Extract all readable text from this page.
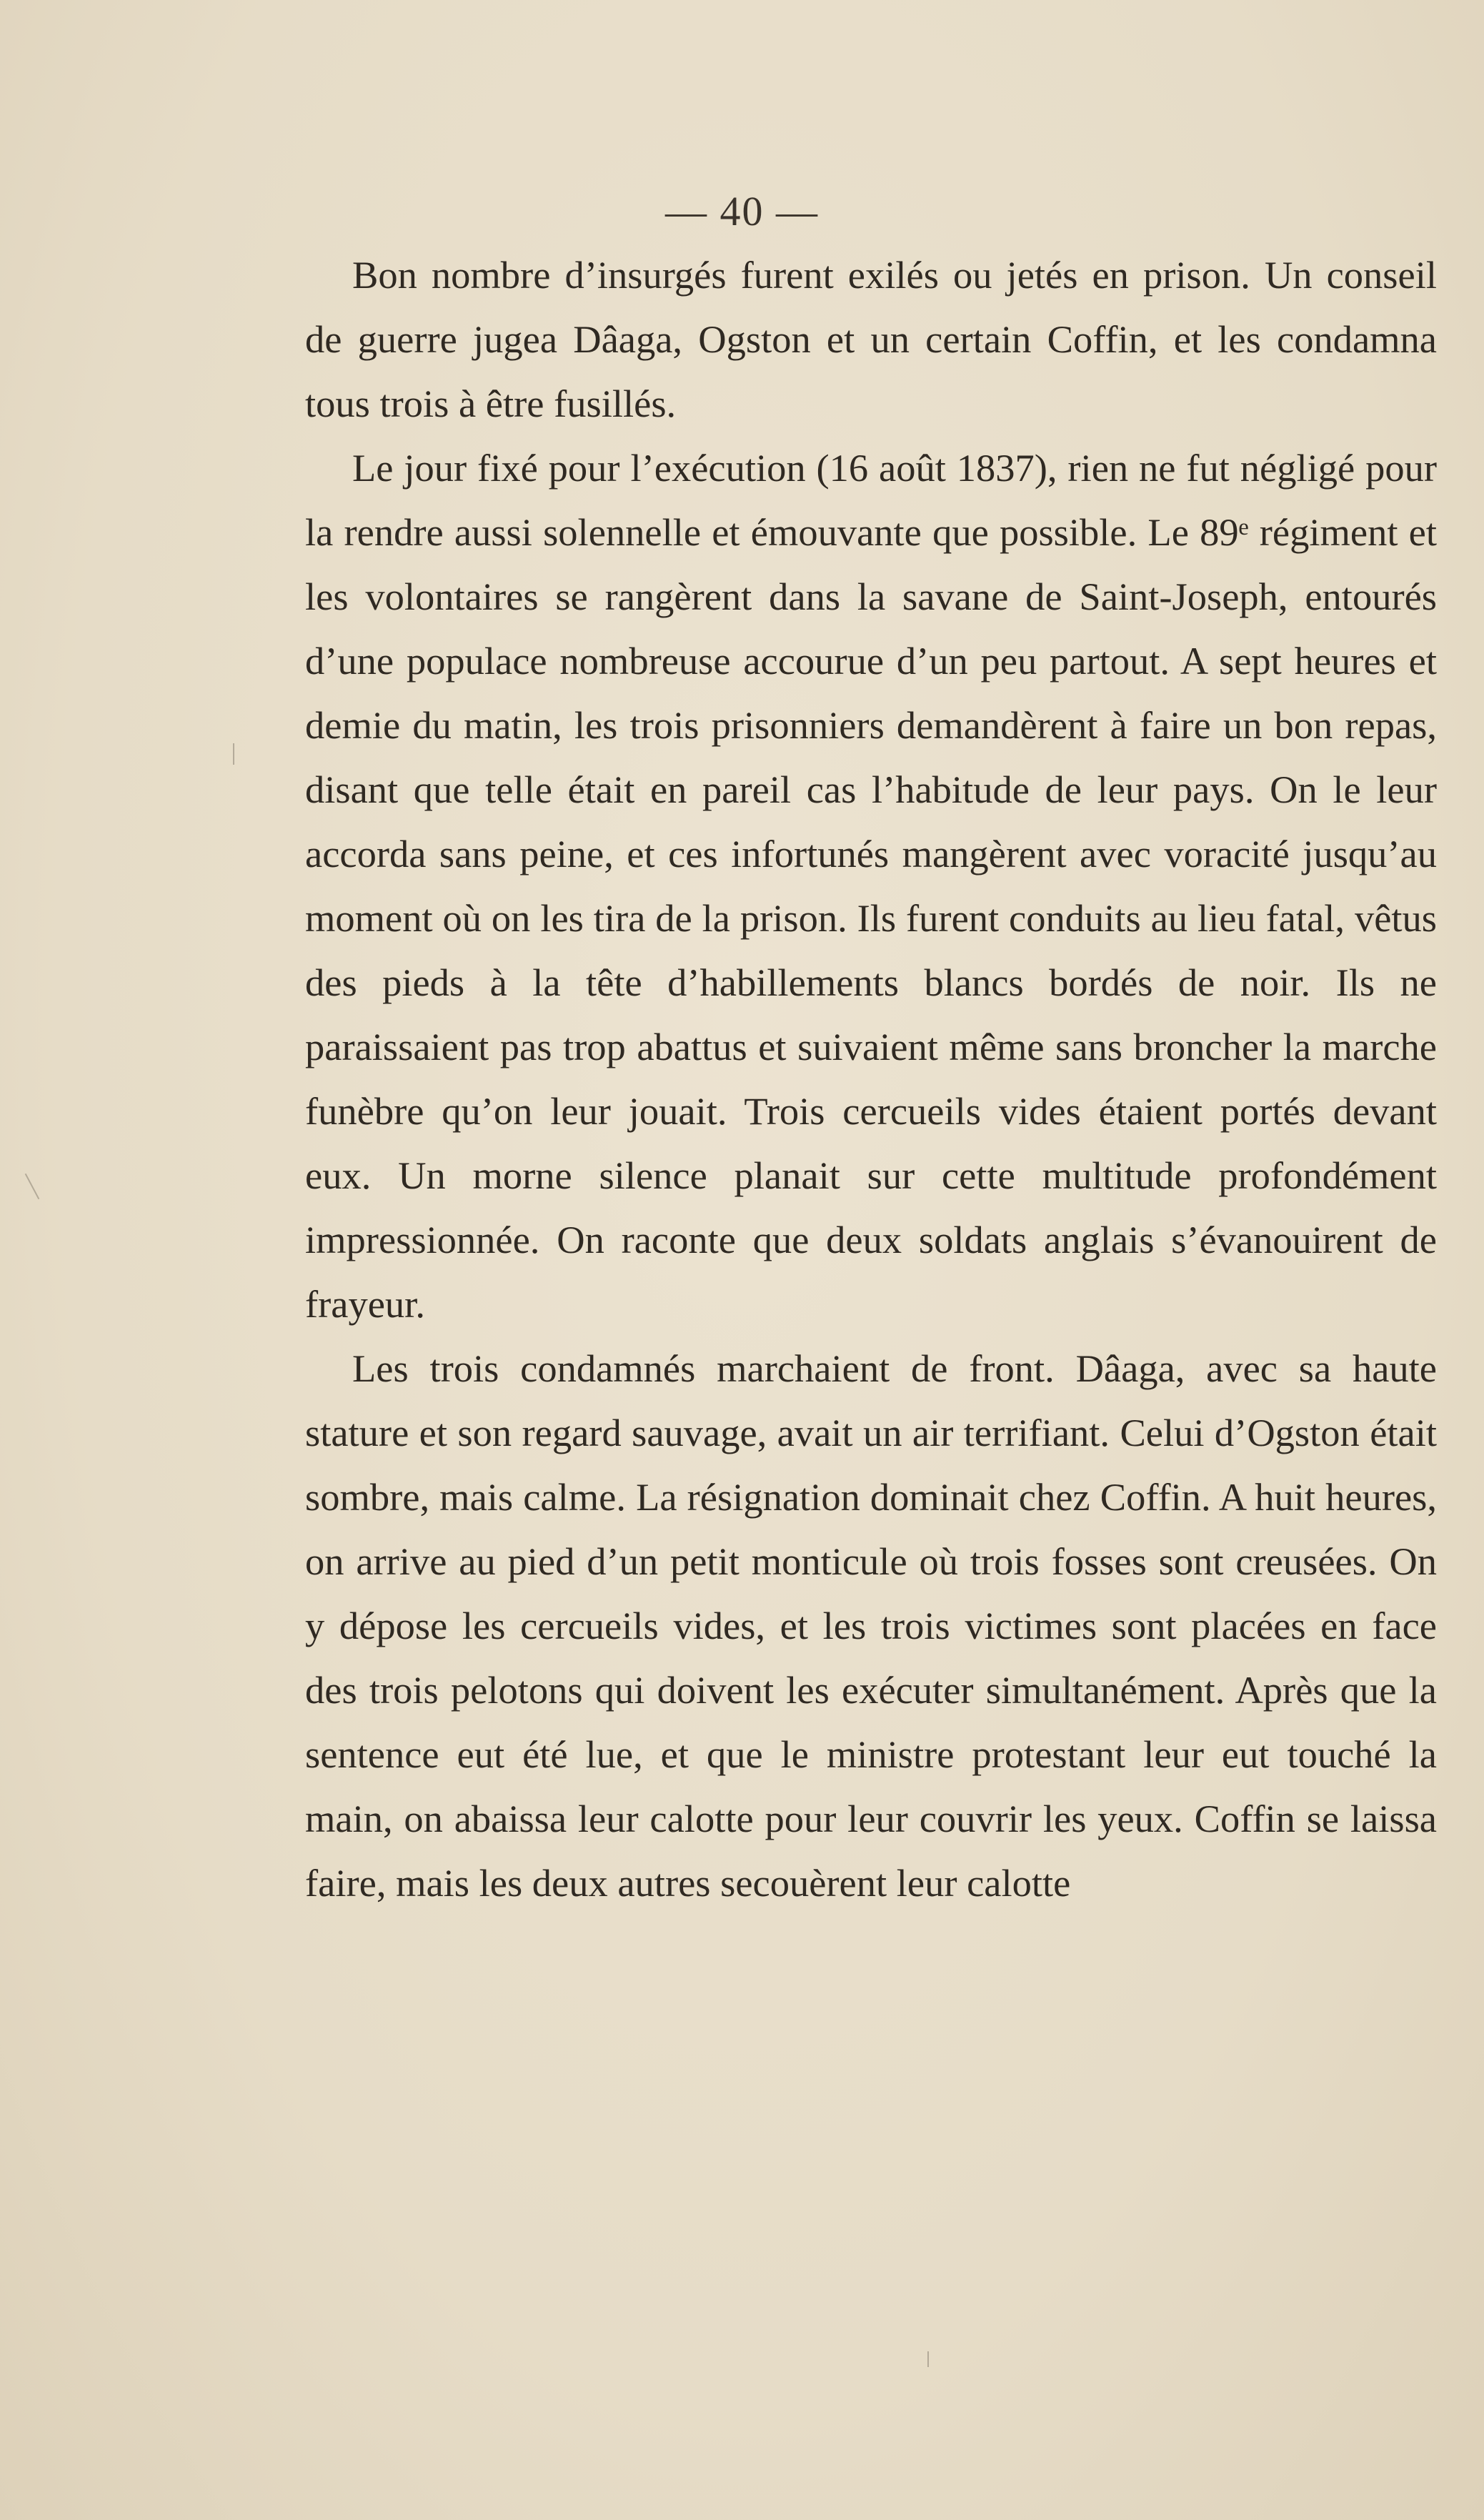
— 40 —

Bon nombre d’insurgés furent exilés ou jetés en prison. Un conseil de guerre jugea Dâaga, Ogston et un certain Coffin, et les condamna tous trois à être fusillés.

Le jour fixé pour l’exécution (16 août 1837), rien ne fut négligé pour la rendre aussi solennelle et émouvante que possible. Le 89ᵉ régiment et les volontaires se rangèrent dans la savane de Saint-Joseph, entourés d’une populace nombreuse accourue d’un peu partout. A sept heures et demie du matin, les trois prisonniers demandèrent à faire un bon repas, disant que telle était en pareil cas l’habitude de leur pays. On le leur accorda sans peine, et ces infortunés mangèrent avec voracité jusqu’au moment où on les tira de la prison. Ils furent conduits au lieu fatal, vêtus des pieds à la tête d’habillements blancs bordés de noir. Ils ne paraissaient pas trop abattus et suivaient même sans broncher la marche funèbre qu’on leur jouait. Trois cercueils vides étaient portés devant eux. Un morne silence planait sur cette multitude profondément impressionnée. On raconte que deux soldats anglais s’évanouirent de frayeur.

Les trois condamnés marchaient de front. Dâaga, avec sa haute stature et son regard sauvage, avait un air terrifiant. Celui d’Ogston était sombre, mais calme. La résignation dominait chez Coffin. A huit heures, on arrive au pied d’un petit monticule où trois fosses sont creusées. On y dépose les cercueils vides, et les trois victimes sont placées en face des trois pelotons qui doivent les exécuter simultanément. Après que la sentence eut été lue, et que le ministre protestant leur eut touché la main, on abaissa leur calotte pour leur couvrir les yeux. Coffin se laissa faire, mais les deux autres secouèrent leur calotte
